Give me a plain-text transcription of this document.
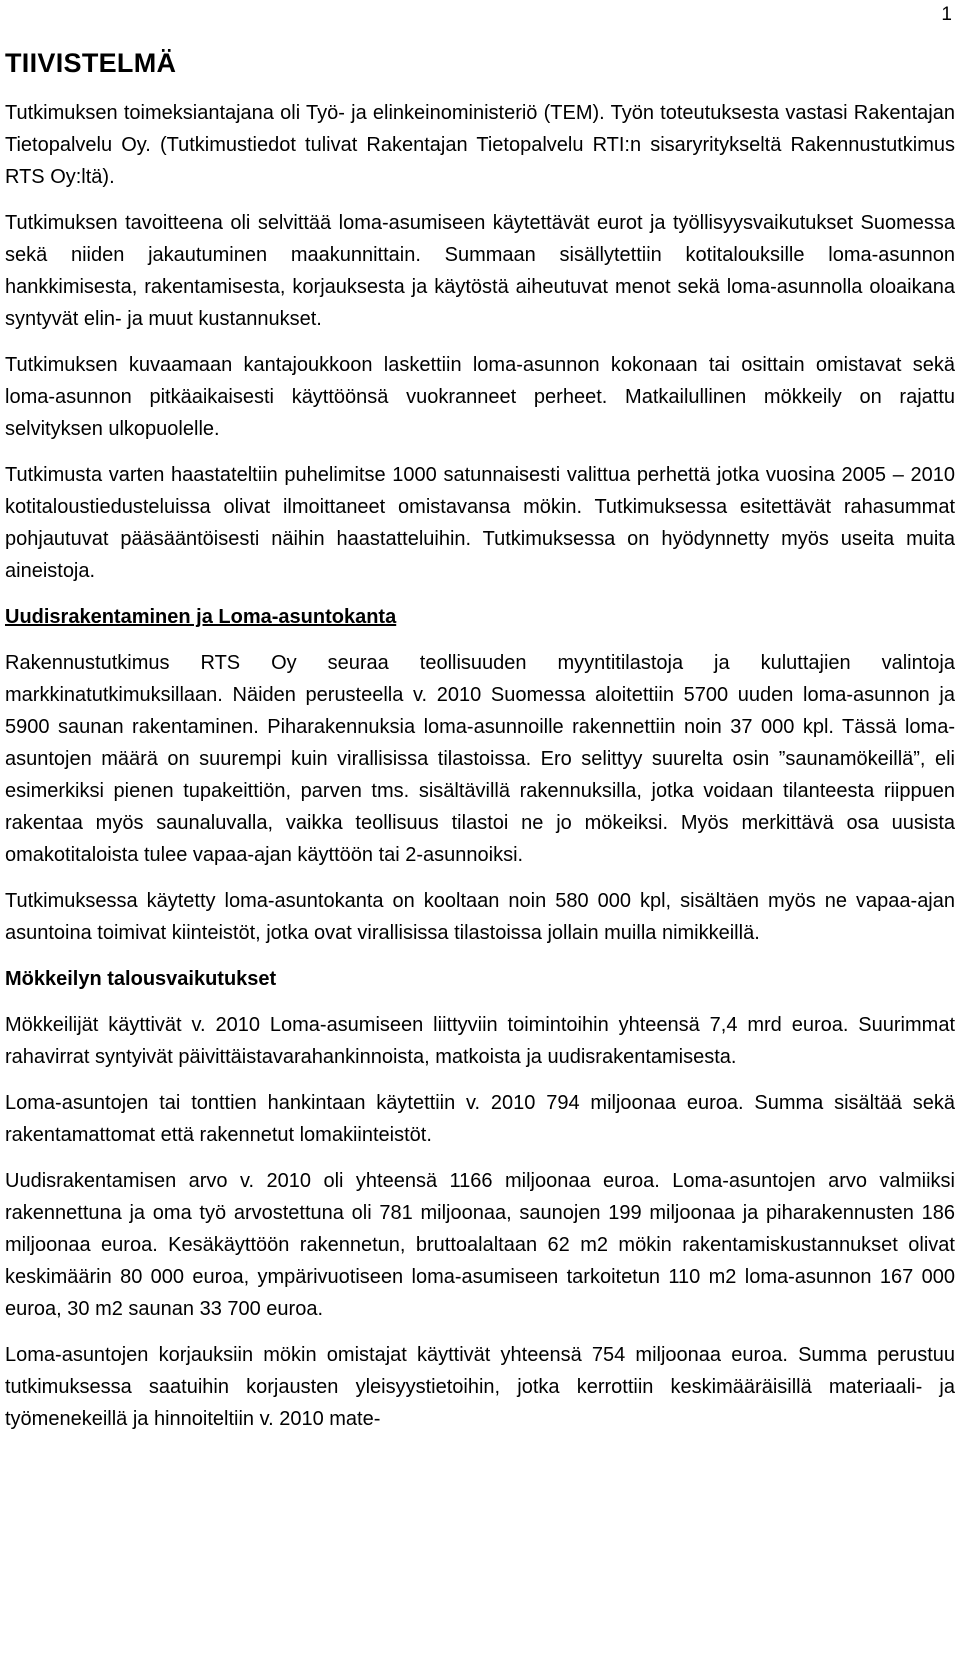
1
TIIVISTELMÄ

Tutkimuksen toimeksiantajana oli Työ- ja elinkeinoministeriö (TEM). Työn toteutuksesta vastasi Rakentajan Tietopalvelu Oy. (Tutkimustiedot tulivat Rakentajan Tietopalvelu RTI:n sisaryritykseltä Rakennustutkimus RTS Oy:ltä).

Tutkimuksen tavoitteena oli selvittää loma-asumiseen käytettävät eurot ja työllisyysvaikutukset Suomessa sekä niiden jakautuminen maakunnittain. Summaan sisällytettiin kotitalouksille loma-asunnon hankkimisesta, rakentamisesta, korjauksesta ja käytöstä aiheutuvat menot sekä loma-asunnolla oloaikana syntyvät elin- ja muut kustannukset.

Tutkimuksen kuvaamaan kantajoukkoon laskettiin loma-asunnon kokonaan tai osittain omistavat sekä loma-asunnon pitkäaikaisesti käyttöönsä vuokranneet perheet. Matkailullinen mökkeily on rajattu selvityksen ulkopuolelle.

Tutkimusta varten haastateltiin puhelimitse 1000 satunnaisesti valittua perhettä jotka vuosina 2005 – 2010 kotitaloustiedusteluissa olivat ilmoittaneet omistavansa mökin. Tutkimuksessa esitettävät rahasummat pohjautuvat pääsääntöisesti näihin haastatteluihin. Tutkimuksessa on hyödynnetty myös useita muita aineistoja.

Uudisrakentaminen ja Loma-asuntokanta

Rakennustutkimus RTS Oy seuraa teollisuuden myyntitilastoja ja kuluttajien valintoja markkinatutkimuksillaan. Näiden perusteella v. 2010 Suomessa aloitettiin 5700 uuden loma-asunnon ja 5900 saunan rakentaminen. Piharakennuksia loma-asunnoille rakennettiin noin 37 000 kpl. Tässä loma-asuntojen määrä on suurempi kuin virallisissa tilastoissa. Ero selittyy suurelta osin ”saunamökeillä”, eli esimerkiksi pienen tupakeittiön, parven tms. sisältävillä rakennuksilla, jotka voidaan tilanteesta riippuen rakentaa myös saunaluvalla, vaikka teollisuus tilastoi ne jo mökeiksi. Myös merkittävä osa uusista omakotitaloista tulee vapaa-ajan käyttöön tai 2-asunnoiksi.

Tutkimuksessa käytetty loma-asuntokanta on kooltaan noin 580 000 kpl, sisältäen myös ne vapaa-ajan asuntoina toimivat kiinteistöt, jotka ovat virallisissa tilastoissa jollain muilla nimikkeillä.

Mökkeilyn talousvaikutukset

Mökkeilijät käyttivät v. 2010 Loma-asumiseen liittyviin toimintoihin yhteensä 7,4 mrd euroa. Suurimmat rahavirrat syntyivät päivittäistavarahankinnoista, matkoista ja uudisrakentamisesta.

Loma-asuntojen tai tonttien hankintaan käytettiin v. 2010 794 miljoonaa euroa. Summa sisältää sekä rakentamattomat että rakennetut lomakiinteistöt.

Uudisrakentamisen arvo v. 2010 oli yhteensä 1166 miljoonaa euroa. Loma-asuntojen arvo valmiiksi rakennettuna ja oma työ arvostettuna oli 781 miljoonaa, saunojen 199 miljoonaa ja piharakennusten 186 miljoonaa euroa. Kesäkäyttöön rakennetun, bruttoalaltaan 62 m2 mökin rakentamiskustannukset olivat keskimäärin 80 000 euroa, ympärivuotiseen loma-asumiseen tarkoitetun 110 m2 loma-asunnon 167 000 euroa, 30 m2 saunan 33 700 euroa.

Loma-asuntojen korjauksiin mökin omistajat käyttivät yhteensä 754 miljoonaa euroa. Summa perustuu tutkimuksessa saatuihin korjausten yleisyystietoihin, jotka kerrottiin keskimääräisillä materiaali- ja työmenekeillä ja hinnoiteltiin v. 2010 mate-
